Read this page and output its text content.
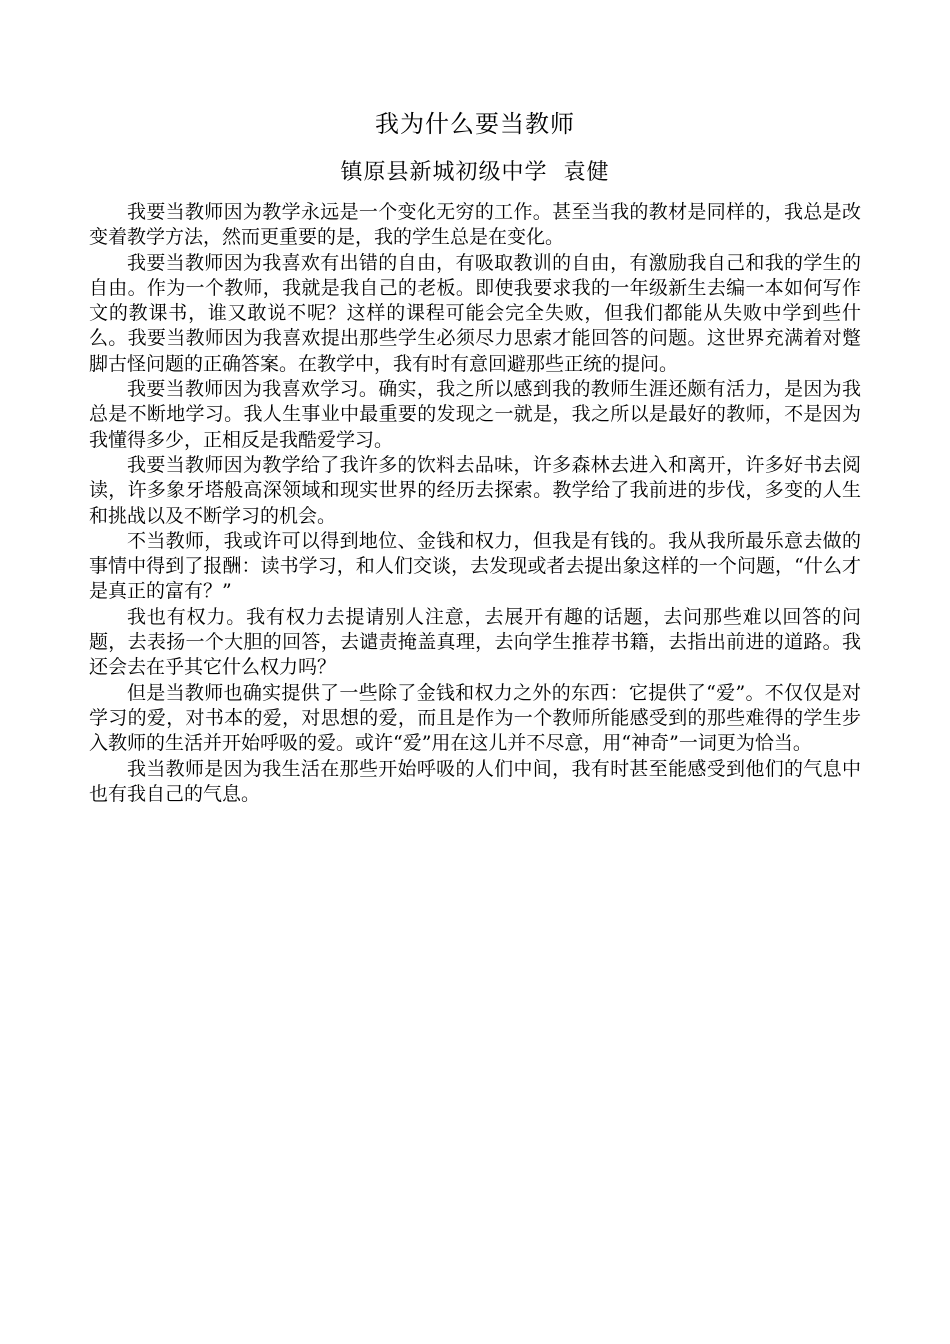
我为什么要当教师
镇原县新城初级中学  袁健

我要当教师因为教学永远是一个变化无穷的工作。甚至当我的教材是同样的，我总是改变着教学方法，然而更重要的是，我的学生总是在变化。

我要当教师因为我喜欢有出错的自由，有吸取教训的自由，有激励我自己和我的学生的自由。作为一个教师，我就是我自己的老板。即使我要求我的一年级新生去编一本如何写作文的教课书，谁又敢说不呢？这样的课程可能会完全失败，但我们都能从失败中学到些什么。我要当教师因为我喜欢提出那些学生必须尽力思索才能回答的问题。这世界充满着对蹩脚古怪问题的正确答案。在教学中，我有时有意回避那些正统的提问。

我要当教师因为我喜欢学习。确实，我之所以感到我的教师生涯还颇有活力，是因为我总是不断地学习。我人生事业中最重要的发现之一就是，我之所以是最好的教师，不是因为我懂得多少，正相反是我酷爱学习。

我要当教师因为教学给了我许多的饮料去品味，许多森林去进入和离开，许多好书去阅读，许多象牙塔般高深领域和现实世界的经历去探索。教学给了我前进的步伐，多变的人生和挑战以及不断学习的机会。

不当教师，我或许可以得到地位、金钱和权力，但我是有钱的。我从我所最乐意去做的事情中得到了报酬：读书学习，和人们交谈，去发现或者去提出象这样的一个问题，“什么才是真正的富有？”

我也有权力。我有权力去提请别人注意，去展开有趣的话题，去问那些难以回答的问题，去表扬一个大胆的回答，去谴责掩盖真理，去向学生推荐书籍，去指出前进的道路。我还会去在乎其它什么权力吗？

但是当教师也确实提供了一些除了金钱和权力之外的东西：它提供了“爱”。不仅仅是对学习的爱，对书本的爱，对思想的爱，而且是作为一个教师所能感受到的那些难得的学生步入教师的生活并开始呼吸的爱。或许“爱”用在这儿并不尽意，用“神奇”一词更为恰当。

我当教师是因为我生活在那些开始呼吸的人们中间，我有时甚至能感受到他们的气息中也有我自己的气息。
